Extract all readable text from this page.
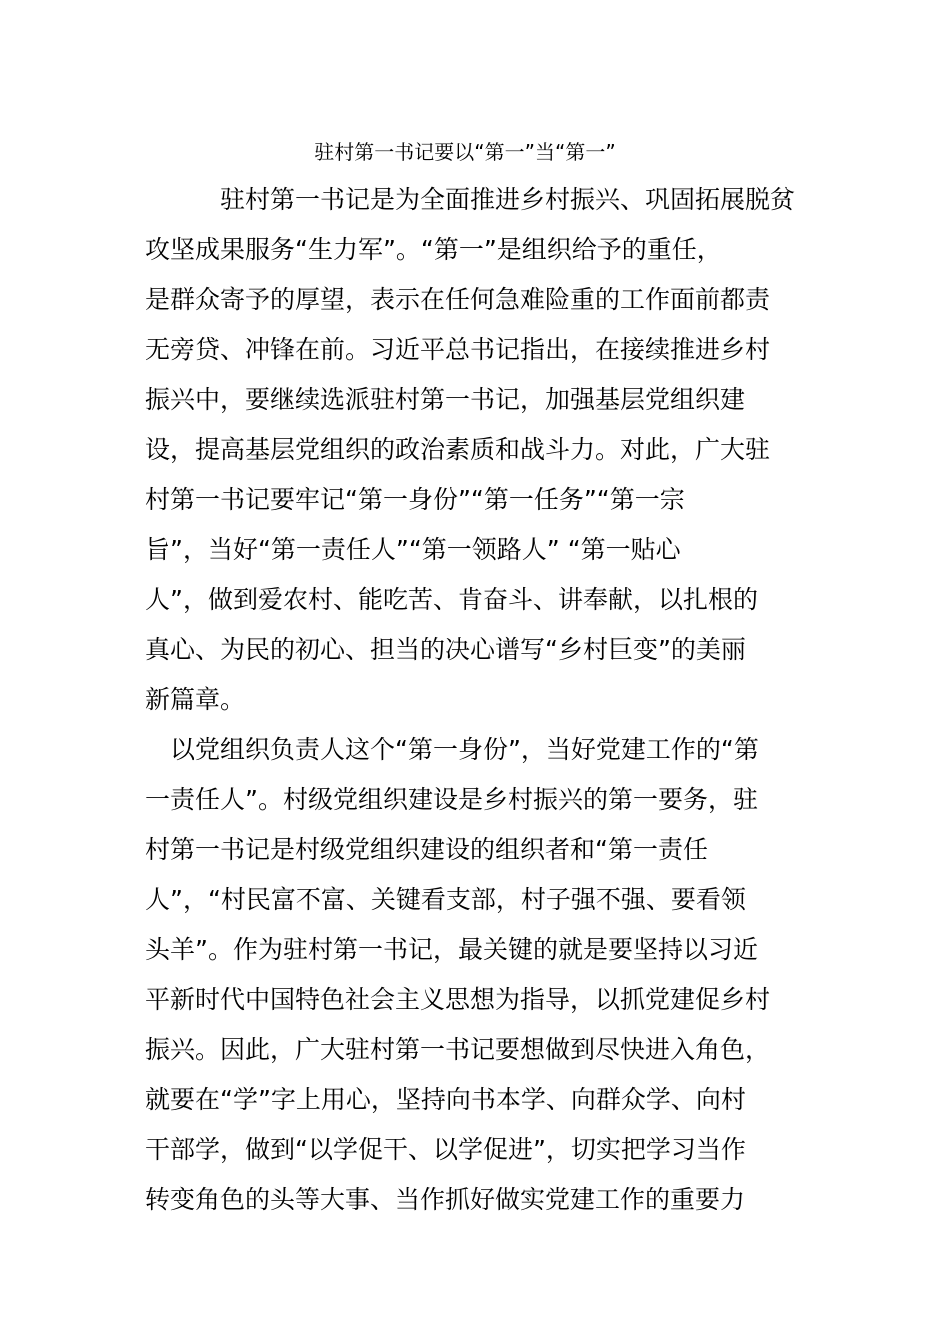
驻村第一书记要以“第一”当“第一”

驻村第一书记是为全面推进乡村振兴、巩固拓展脱贫

攻坚成果服务“生力军”。“第一”是组织给予的重任，

是群众寄予的厚望，表示在任何急难险重的工作面前都责

无旁贷、冲锋在前。习近平总书记指出，在接续推进乡村

振兴中，要继续选派驻村第一书记，加强基层党组织建

设，提高基层党组织的政治素质和战斗力。对此，广大驻

村第一书记要牢记“第一身份”“第一任务”“第一宗

旨”，当好“第一责任人”“第一领路人” “第一贴心

人”，做到爱农村、能吃苦、肯奋斗、讲奉献，以扎根的

真心、为民的初心、担当的决心谱写“乡村巨变”的美丽

新篇章。

以党组织负责人这个“第一身份”，当好党建工作的“第

一责任人”。村级党组织建设是乡村振兴的第一要务，驻

村第一书记是村级党组织建设的组织者和“第一责任

人”，“村民富不富、关键看支部，村子强不强、要看领

头羊”。作为驻村第一书记，最关键的就是要坚持以习近

平新时代中国特色社会主义思想为指导，以抓党建促乡村

振兴。因此，广大驻村第一书记要想做到尽快进入角色，

就要在“学”字上用心，坚持向书本学、向群众学、向村

干部学，做到“以学促干、以学促进”，切实把学习当作

转变角色的头等大事、当作抓好做实党建工作的重要力
